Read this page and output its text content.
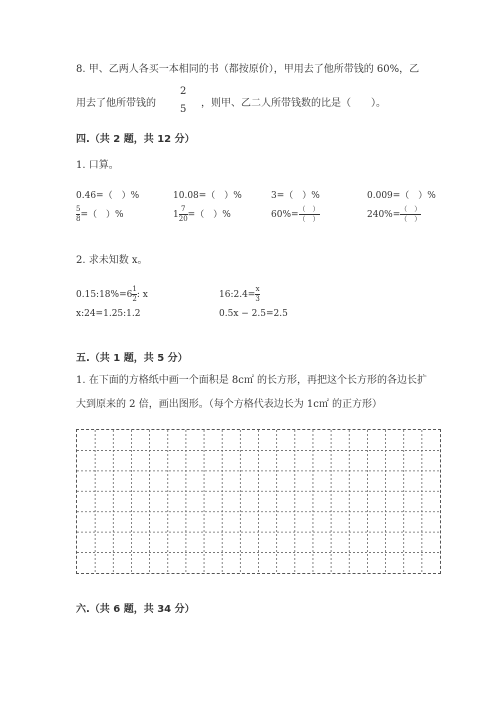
8. 甲、乙两人各买一本相同的书（都按原价），甲用去了他所带钱的 60%，乙
用去了他所带钱的
2
5
，则甲、乙二人所带钱数的比是（　　）。
四.（共 2 题，共 12 分）
1. 口算。
0.46=（　）%	10.08=（　）%	3=（　）%	0.009=（　）%
$\frac{5}{8}$ =（　）%	$1 \frac{7}{20}$ =（　）%	$60\%= \frac{( )}{( )}$	$240\%= \frac{( )}{( )}$
2. 求未知数 x。
0.15:18%=6 $\frac{1}{2}$ : x	16:2.4= $\frac{x}{3}$
x:24=1.25:1.2	0.5x − 2.5=2.5
五.（共 1 题，共 5 分）
1. 在下面的方格纸中画一个面积是 8c㎡ 的长方形，再把这个长方形的各边长扩
大到原来的 2 倍，画出图形。（每个方格代表边长为 1c㎡ 的正方形）
六.（共 6 题，共 34 分）
